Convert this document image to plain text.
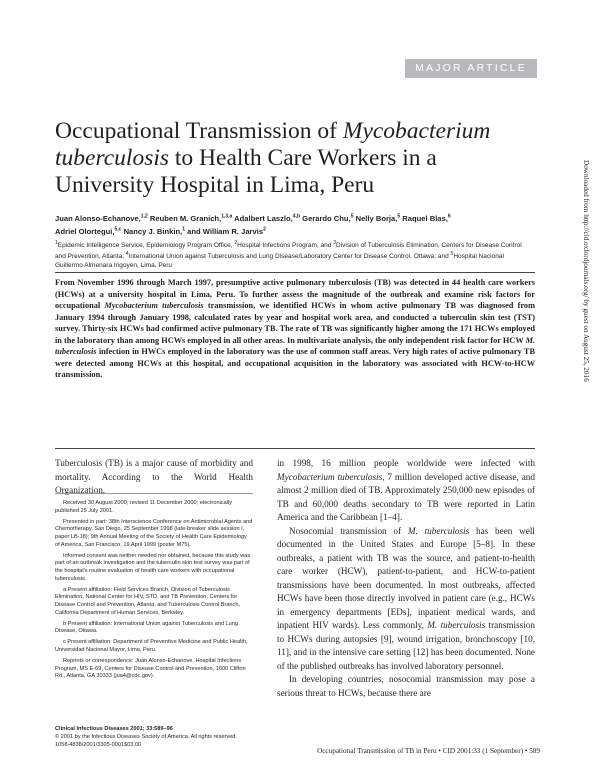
MAJOR ARTICLE
Occupational Transmission of Mycobacterium tuberculosis to Health Care Workers in a University Hospital in Lima, Peru
Juan Alonso-Echanove,$^{1,2}$ Reuben M. Granich,$^{1,3,a}$ Adalbert Laszlo,$^{4,b}$ Gerardo Chu,$^5$ Nelly Borja,$^5$ Raquel Blas,$^6$
Adriel Olortegui,$^{5,c}$ Nancy J. Binkin,$^1$ and William R. Jarvis$^2$
$^1$Epidemic Intelligence Service, Epidemiology Program Office, $^2$Hospital Infections Program, and $^3$Division of Tuberculosis Elimination, Centers for Disease Control and Prevention, Atlanta; $^4$International Union against Tuberculosis and Lung Disease/Laboratory Center for Disease Control, Ottawa; and $^5$Hospital Nacional Guillermo Almenara Irigoyen, Lima, Peru
From November 1996 through March 1997, presumptive active pulmonary tuberculosis (TB) was detected in 44 health care workers (HCWs) at a university hospital in Lima, Peru. To further assess the magnitude of the outbreak and examine risk factors for occupational Mycobacterium tuberculosis transmission, we identified HCWs in whom active pulmonary TB was diagnosed from January 1994 through January 1998, calculated rates by year and hospital work area, and conducted a tuberculin skin test (TST) survey. Thirty-six HCWs had confirmed active pulmonary TB. The rate of TB was significantly higher among the 171 HCWs employed in the laboratory than among HCWs employed in all other areas. In multivariate analysis, the only independent risk factor for HCW M. tuberculosis infection in HWCs employed in the laboratory was the use of common staff areas. Very high rates of active pulmonary TB were detected among HCWs at this hospital, and occupational acquisition in the laboratory was associated with HCW-to-HCW transmission.
Tuberculosis (TB) is a major cause of morbidity and mortality. According to the World Health Organization,

Received 30 August 2000; revised 11 December 2000; electronically published 25 July 2001.

Presented in part: 38th Interscience Conference on Antimicrobial Agents and Chemotherapy, San Diego, 25 September 1998 (late-breaker slide session I, paper LB-18); 9th Annual Meeting of the Society of Health Care Epidemiology of America, San Francisco, 19 April 1999 (poster M75).

Informed consent was neither needed nor obtained, because this study was part of an outbreak investigation and the tuberculin skin test survey was part of the hospital’s routine evaluation of health care workers with occupational tuberculosis.

a Present affiliation: Field Services Branch, Division of Tuberculosis Elimination, National Center for HIV, STD, and TB Prevention, Centers for Disease Control and Prevention, Atlanta; and Tuberculosis Control Branch, California Department of Human Services, Berkeley.

b Present affiliation: International Union against Tuberculosis and Lung Disease, Ottawa.

c Present affiliation: Department of Preventive Medicine and Public Health, Universidad Nacional Mayor, Lima, Peru.

Reprints or correspondence: Juan Alonso-Echanove, Hospital Infections Program, MS E-69, Centers for Disease Control and Prevention, 1600 Clifton Rd., Atlanta, GA 30333 (jua4@cdc.gov).

Clinical Infectious Diseases 2001; 33:589–96
© 2001 by the Infectious Diseases Society of America. All rights reserved.
1058-4838/2001/3305-0001$03.00

in 1998, 16 million people worldwide were infected with Mycobacterium tuberculosis, 7 million developed active disease, and almost 2 million died of TB. Approximately 250,000 new episodes of TB and 60,000 deaths secondary to TB were reported in Latin America and the Caribbean [1–4].

Nosocomial transmission of M. tuberculosis has been well documented in the United States and Europe [5–8]. In these outbreaks, a patient with TB was the source, and patient-to-health care worker (HCW), patient-to-patient, and HCW-to-patient transmissions have been documented. In most outbreaks, affected HCWs have been those directly involved in patient care (e.g., HCWs in emergency departments [EDs], inpatient medical wards, and inpatient HIV wards). Less commonly, M. tuberculosis transmission to HCWs during autopsies [9], wound irrigation, bronchoscopy [10, 11], and in the intensive care setting [12] has been documented. None of the published outbreaks has involved laboratory personnel.

In developing countries, nosocomial transmission may pose a serious threat to HCWs, because there are

Occupational Transmission of TB in Peru • CID 2001:33 (1 September) • 589
Downloaded from http://cid.oxfordjournals.org/ by guest on August 25, 2016
